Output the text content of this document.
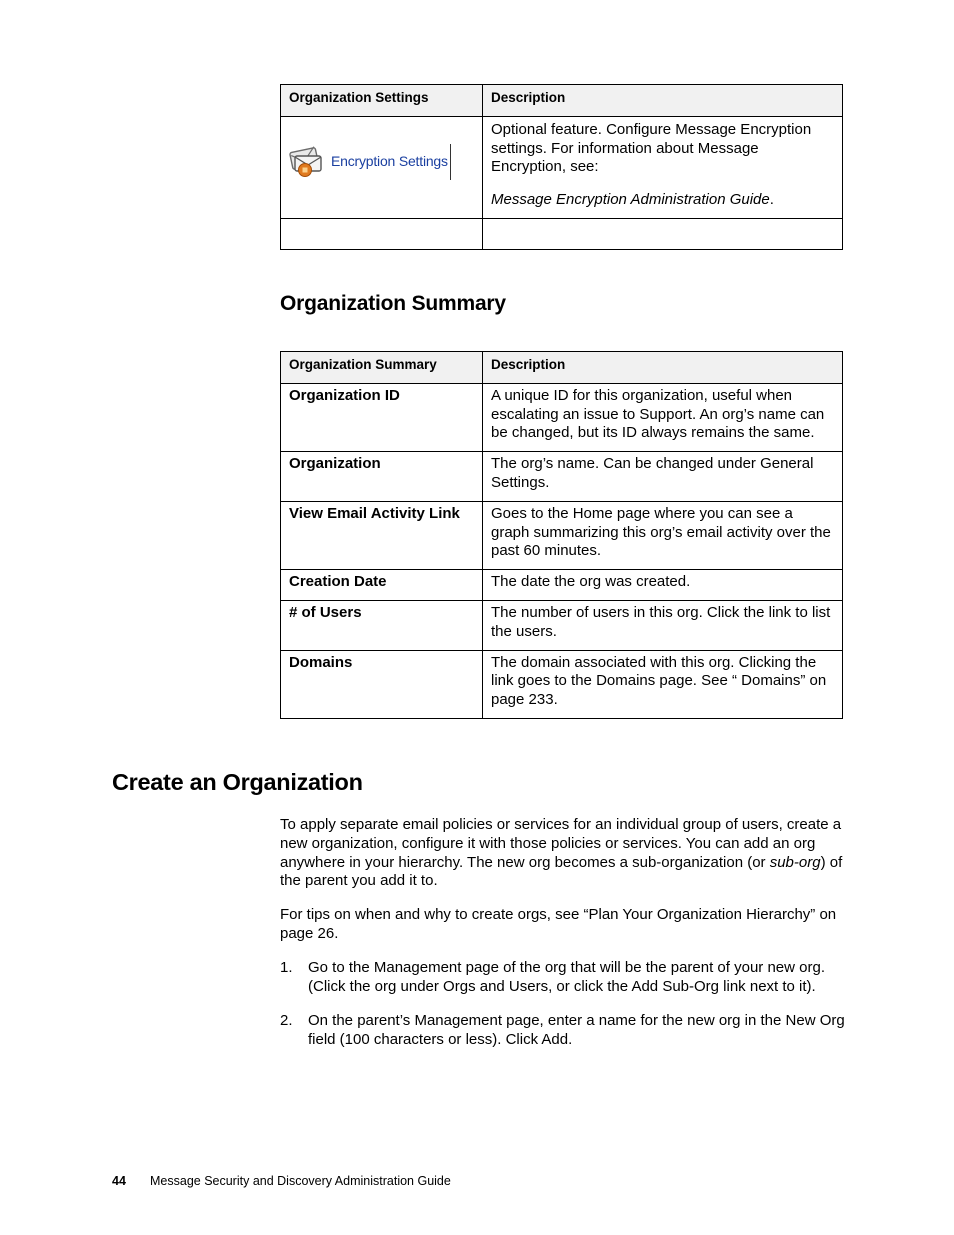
Organization Settings	Description

Encryption Settings	Optional feature. Configure Message Encryption settings. For information about Message Encryption, see:
Message Encryption Administration Guide.

Organization Summary
Organization Summary	Description
Organization ID	A unique ID for this organization, useful when escalating an issue to Support. An org’s name can be changed, but its ID always remains the same.
Organization	The org’s name. Can be changed under General Settings.
View Email Activity Link	Goes to the Home page where you can see a graph summarizing this org’s email activity over the past 60 minutes.
Creation Date	The date the org was created.
# of Users	The number of users in this org. Click the link to list the users.
Domains	The domain associated with this org. Clicking the link goes to the Domains page. See “ Domains” on page 233.
Create an Organization

To apply separate email policies or services for an individual group of users, create a new organization, configure it with those policies or services. You can add an org anywhere in your hierarchy. The new org becomes a sub-organization (or sub-org) of the parent you add it to.

For tips on when and why to create orgs, see “Plan Your Organization Hierarchy” on page 26.

1. Go to the Management page of the org that will be the parent of your new org. (Click the org under Orgs and Users, or click the Add Sub-Org link next to it).
2. On the parent’s Management page, enter a name for the new org in the New Org field (100 characters or less). Click Add.
44 Message Security and Discovery Administration Guide
